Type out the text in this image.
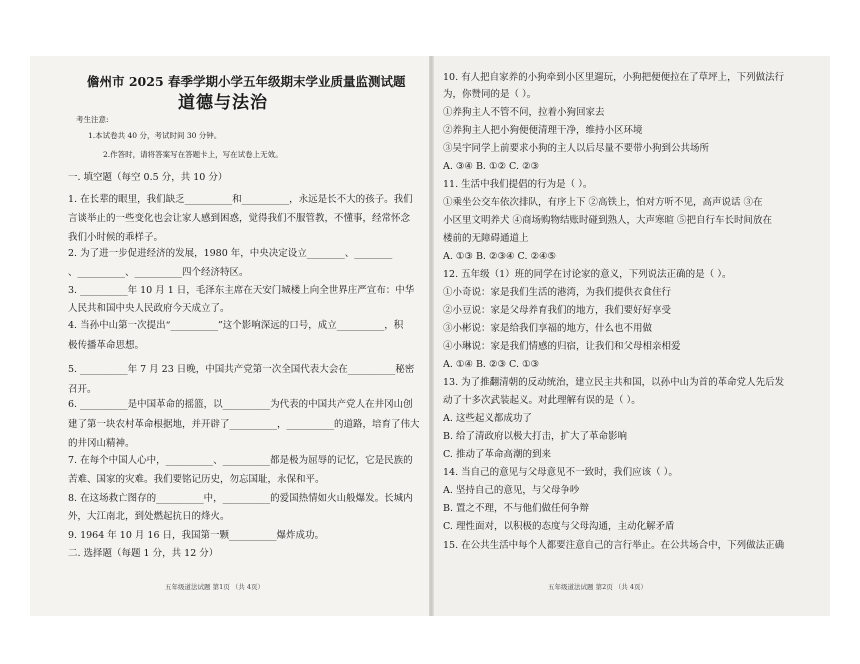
儋州市 2025 春季学期小学五年级期末学业质量监测试题
道德与法治
考生注意:
1.本试卷共 40 分，考试时间 30 分钟。
2.作答时，请将答案写在答题卡上，写在试卷上无效。
一. 填空题（每空 0.5 分，共 10 分）
1. 在长辈的眼里，我们缺乏__________和__________，永远是长不大的孩子。我们
言谈举止的一些变化也会让家人感到困惑，觉得我们不服管教，不懂事，经常怀念
我们小时候的乖样子。
2. 为了进一步促进经济的发展，1980 年，中央决定设立________、________
、__________、__________四个经济特区。
3. __________年 10 月 1 日，毛泽东主席在天安门城楼上向全世界庄严宣布：中华
人民共和国中央人民政府今天成立了。
4. 当孙中山第一次提出“__________”这个影响深远的口号，成立__________，积
极传播革命思想。
5. __________年 7 月 23 日晚，中国共产党第一次全国代表大会在__________秘密
召开。
6. __________是中国革命的摇篮，以__________为代表的中国共产党人在井冈山创
建了第一块农村革命根据地，并开辟了__________，__________的道路，培育了伟大
的井冈山精神。
7. 在每个中国人心中，__________、__________都是极为屈辱的记忆，它是民族的
苦难、国家的灾难。我们要铭记历史，勿忘国耻，永保和平。
8. 在这场救亡图存的__________中，__________的爱国热情如火山般爆发。长城内
外，大江南北，到处燃起抗日的烽火。
9. 1964 年 10 月 16 日，我国第一颗__________爆炸成功。
二. 选择题（每题 1 分，共 12 分）
五年级道法试题 第1页 （共 4页）
10. 有人把自家养的小狗牵到小区里遛玩，小狗把便便拉在了草坪上，下列做法行
为，你赞同的是（ ）。
①养狗主人不管不问，拉着小狗回家去
②养狗主人把小狗便便清理干净，维持小区环境
③吴宇同学上前要求小狗的主人以后尽量不要带小狗到公共场所
A. ③④ B. ①② C. ②③
11. 生活中我们提倡的行为是（ ）。
①乘坐公交车依次排队，有序上下 ②高铁上，怕对方听不见，高声说话 ③在
小区里文明养犬 ④商场购物结账时碰到熟人，大声寒暄 ⑤把自行车长时间放在
楼前的无障碍通道上
A. ①③ B. ②③④ C. ②④⑤
12. 五年级（1）班的同学在讨论家的意义，下列说法正确的是（ ）。
①小奇说：家是我们生活的港湾，为我们提供衣食住行
②小豆说：家是父母养育我们的地方，我们要好好享受
③小彬说：家是给我们享福的地方，什么也不用做
④小琳说：家是我们情感的归宿，让我们和父母相亲相爱
A. ①④ B. ②③ C. ①③
13. 为了推翻清朝的反动统治，建立民主共和国，以孙中山为首的革命党人先后发
动了十多次武装起义。对此理解有误的是（ ）。
A. 这些起义都成功了
B. 给了清政府以极大打击，扩大了革命影响
C. 推动了革命高潮的到来
14. 当自己的意见与父母意见不一致时，我们应该（ ）。
A. 坚持自己的意见，与父母争吵
B. 置之不理，不与他们做任何争辩
C. 理性面对，以积极的态度与父母沟通，主动化解矛盾
15. 在公共生活中每个人都要注意自己的言行举止。在公共场合中，下列做法正确
五年级道法试题 第2页 （共 4页）
